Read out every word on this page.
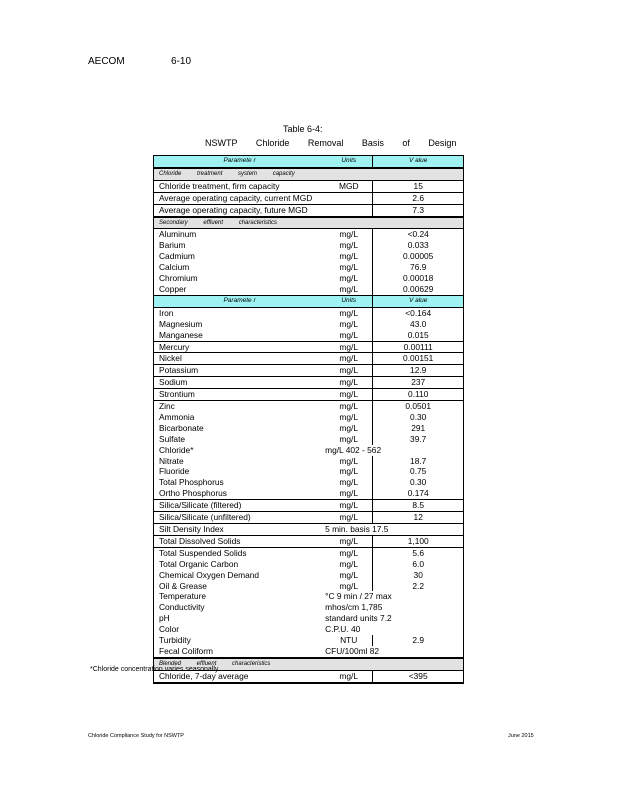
AECOM	6-10
Table 6-4:
NSWTP Chloride Removal Basis of Design
Paramete r	Units	V alue
Chloride treatment system capacity		
Chloride treatment, firm capacity	MGD	15
Average operating capacity, current MGD		2.6
Average operating capacity, future MGD		7.3
Secondary effluent characteristics		
Aluminum	mg/L	<0.24
Barium	mg/L	0.033
Cadmium	mg/L	0.00005
Calcium	mg/L	76.9
Chromium	mg/L	0.00018
Copper	mg/L	0.00629
Paramete r	Units	V alue
Iron	mg/L	<0.164
Magnesium	mg/L	43.0
Manganese	mg/L	0.015
Mercury	mg/L	0.00111
Nickel	mg/L	0.00151
Potassium	mg/L	12.9
Sodium	mg/L	237
Strontium	mg/L	0.110
Zinc	mg/L	0.0501
Ammonia	mg/L	0.30
Bicarbonate	mg/L	291
Sulfate	mg/L	39.7
Chloride*	mg/L 402 - 562	
Nitrate	mg/L	18.7
Fluoride	mg/L	0.75
Total Phosphorus	mg/L	0.30
Ortho Phosphorus	mg/L	0.174
Silica/Silicate (filtered)	mg/L	8.5
Silica/Silicate (unfiltered)	mg/L	12
Silt Density Index	5 min. basis 17.5	
Total Dissolved Solids	mg/L	1,100
Total Suspended Solids	mg/L	5.6
Total Organic Carbon	mg/L	6.0
Chemical Oxygen Demand	mg/L	30
Oil & Grease	mg/L	2.2
Temperature	°C 9 min / 27 max	
Conductivity	mhos/cm 1,785	
pH	standard units 7.2	
Color	C.P.U. 40	
Turbidity	NTU	2.9
Fecal Coliform	CFU/100ml 82	
Blended effluent characteristics		
Chloride, 7-day average	mg/L	<395
*Chloride concentration varies seasonally
Chloride Compliance Study for NSWTP	June 2015
